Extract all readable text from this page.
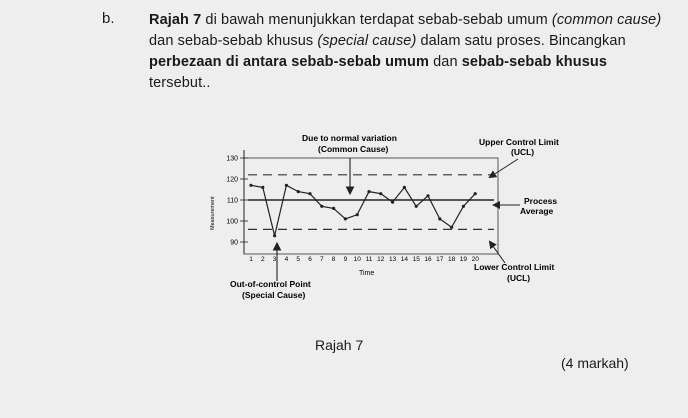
b. Rajah 7 di bawah menunjukkan terdapat sebab-sebab umum (common cause) dan sebab-sebab khusus (special cause) dalam satu proses. Bincangkan perbezaan di antara sebab-sebab umum dan sebab-sebab khusus tersebut..
90
100
110
120
130
1 2 3 4 5 6 7 8 9 10 11 12 13 14 15 16 17 18 19 20
Measurement
Time
Due to normal variation
(Common Cause)
Upper Control Limit
(UCL)
Process
Average
Lower Control Limit
(UCL)
Out-of-control Point
(Special Cause)
Rajah 7
(4 markah)
